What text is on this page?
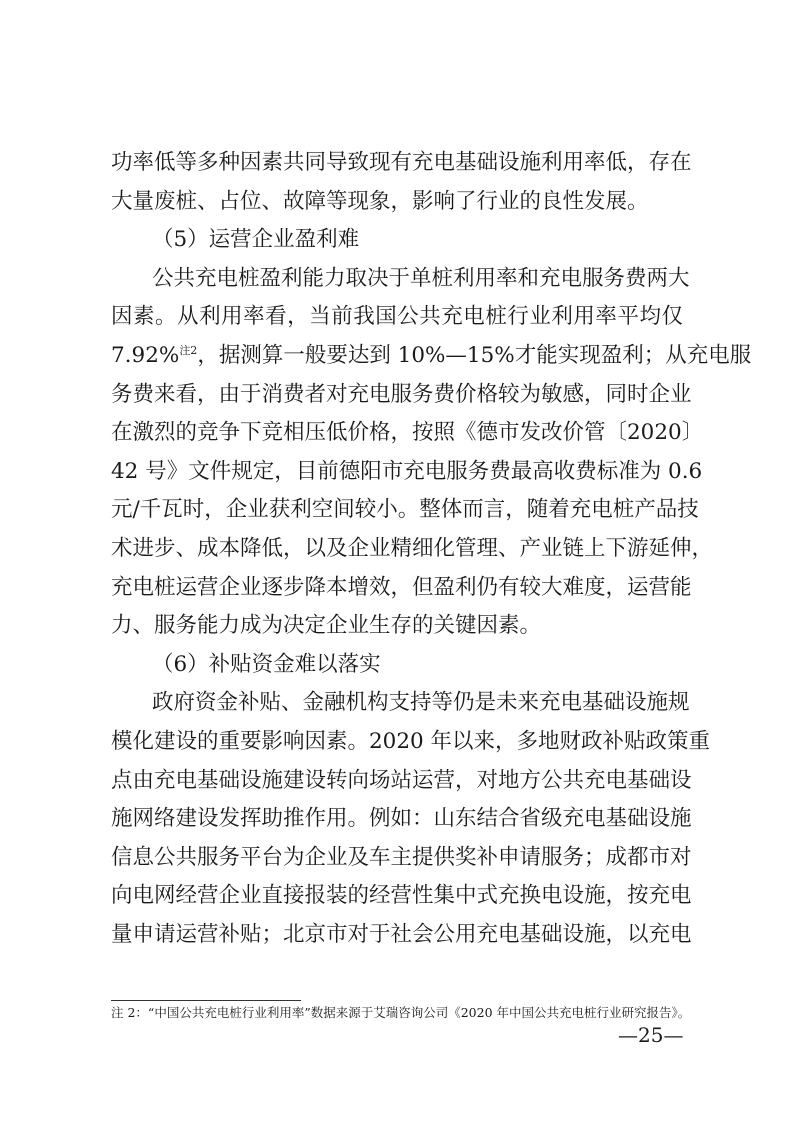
功率低等多种因素共同导致现有充电基础设施利用率低，存在
大量废桩、占位、故障等现象，影响了行业的良性发展。
（5）运营企业盈利难
公共充电桩盈利能力取决于单桩利用率和充电服务费两大
因素。从利用率看，当前我国公共充电桩行业利用率平均仅
7.92%$^{注2}$，据测算一般要达到 10%—15%才能实现盈利；从充电服
务费来看，由于消费者对充电服务费价格较为敏感，同时企业
在激烈的竞争下竞相压低价格，按照《德市发改价管〔2020〕
42 号》文件规定，目前德阳市充电服务费最高收费标准为 0.6
元/千瓦时，企业获利空间较小。整体而言，随着充电桩产品技
术进步、成本降低，以及企业精细化管理、产业链上下游延伸，
充电桩运营企业逐步降本增效，但盈利仍有较大难度，运营能
力、服务能力成为决定企业生存的关键因素。
（6）补贴资金难以落实
政府资金补贴、金融机构支持等仍是未来充电基础设施规
模化建设的重要影响因素。2020 年以来，多地财政补贴政策重
点由充电基础设施建设转向场站运营，对地方公共充电基础设
施网络建设发挥助推作用。例如：山东结合省级充电基础设施
信息公共服务平台为企业及车主提供奖补申请服务；成都市对
向电网经营企业直接报装的经营性集中式充换电设施，按充电
量申请运营补贴；北京市对于社会公用充电基础设施，以充电
注 2：“中国公共充电桩行业利用率”数据来源于艾瑞咨询公司《2020 年中国公共充电桩行业研究报告》。
—25—
